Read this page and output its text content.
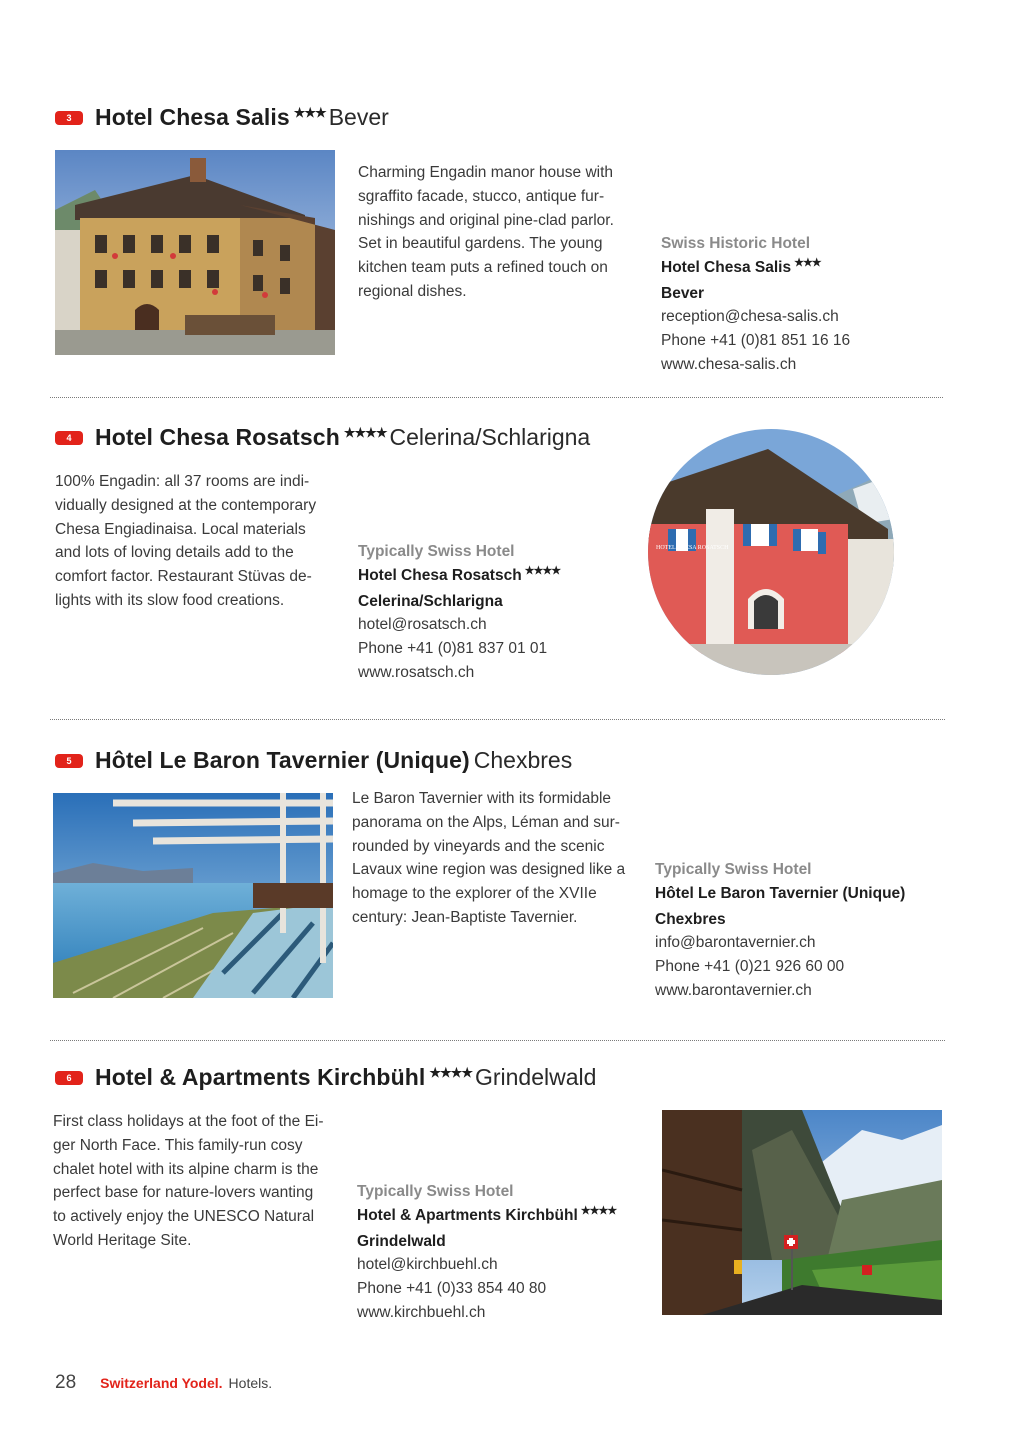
3	Hotel Chesa Salis ★★★ Bever
Charming Engadin manor house with
sgraffito facade, stucco, antique fur-
nishings and original pine-clad parlor.
Set in beautiful gardens. The young
kitchen team puts a refined touch on
regional dishes.
Swiss Historic Hotel
Hotel Chesa Salis ★★★
Bever
reception@chesa-salis.ch
Phone +41 (0)81 851 16 16
www.chesa-salis.ch
4	Hotel Chesa Rosatsch ★★★★ Celerina/Schlarigna
100% Engadin: all 37 rooms are indi-
vidually designed at the contemporary
Chesa Engiadinaisa. Local materials
and lots of loving details add to the
comfort factor. Restaurant Stüvas de-
lights with its slow food creations.
Typically Swiss Hotel
Hotel Chesa Rosatsch ★★★★
Celerina/Schlarigna
hotel@rosatsch.ch
Phone +41 (0)81 837 01 01
www.rosatsch.ch
HOTEL CHESA ROSATSCH
5	Hôtel Le Baron Tavernier (Unique) Chexbres
Le Baron Tavernier with its formidable
panorama on the Alps, Léman and sur-
rounded by vineyards and the scenic
Lavaux wine region was designed like a
homage to the explorer of the XVIIe
century: Jean-Baptiste Tavernier.
Typically Swiss Hotel
Hôtel Le Baron Tavernier (Unique)
Chexbres
info@barontavernier.ch
Phone +41 (0)21 926 60 00
www.barontavernier.ch
6	Hotel & Apartments Kirchbühl ★★★★ Grindelwald
First class holidays at the foot of the Ei-
ger North Face. This family-run cosy
chalet hotel with its alpine charm is the
perfect base for nature-lovers wanting
to actively enjoy the UNESCO Natural
World Heritage Site.
Typically Swiss Hotel
Hotel & Apartments Kirchbühl ★★★★
Grindelwald
hotel@kirchbuehl.ch
Phone +41 (0)33 854 40 80
www.kirchbuehl.ch
28 Switzerland Yodel. Hotels.
